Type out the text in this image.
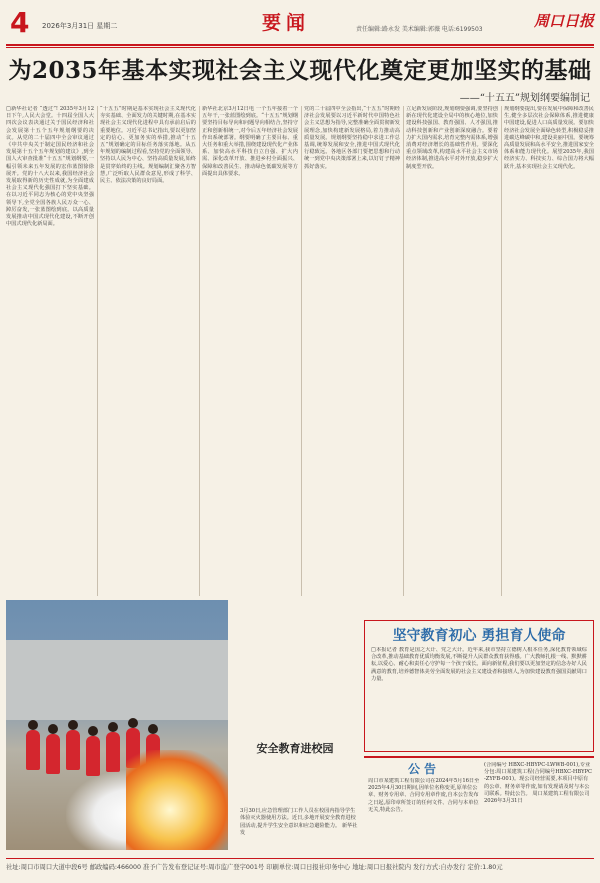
4 2026年3月31日 星期二	要闻	责任编辑:路永发 美术编辑:郭薇 电话:6199503	周口日报
为2035年基本实现社会主义现代化奠定更加坚实的基础
——“十五五”规划纲要编制记
□新华社记者 “透过”! 2035年3月12日下午,人民大会堂。十四届全国人大四次会议表决通过关于国民经济和社会发展第十五个五年规划纲要的决议。从党的二十届四中全会审议通过《中共中央关于制定国民经济和社会发展第十五个五年规划的建议》,到全国人大审查批准“十五五”规划纲要,一幅引领未来五年发展的宏伟蓝图徐徐展开。党的十八大以来,我国经济社会发展取得新的历史性成就,为全面建成社会主义现代化强国打下坚实基础。在以习近平同志为核心的党中央坚强领导下,全党全国各族人民万众一心、踔厉奋发,一张蓝图绘到底。以高质量发展推动中国式现代化建设,不断开创中国式现代化新局面。
“十五五”时期是基本实现社会主义现代化夯实基础、全面发力的关键时期,在基本实现社会主义现代化进程中具有承前启后的重要地位。习近平总书记指出,要以更加坚定的信心、更加务实的举措,推动“十五五”规划确定的目标任务落实落地。从五年规划的编制过程看,坚持党的全面领导、坚持以人民为中心、坚持高质量发展,始终是贯穿始终的主线。规划编制汇聚各方智慧,广泛听取人民群众意见,形成了科学、民主、依法决策的良好局面。
新华社北京3月12日电 一个五年接着一个五年干,一张蓝图绘到底。“十五五”规划纲要坚持目标导向和问题导向相结合,坚持守正和创新相统一,对今后五年经济社会发展作出系统部署。纲要明确了主要目标、重大任务和重大举措,围绕建设现代化产业体系、加快高水平科技自立自强、扩大内需、深化改革开放、推进乡村全面振兴、保障和改善民生、推动绿色低碳发展等方面提出具体要求。
党的二十届四中全会指出,“十五五”时期经济社会发展要以习近平新时代中国特色社会主义思想为指导,完整准确全面贯彻新发展理念,加快构建新发展格局,着力推动高质量发展。规划纲要坚持稳中求进工作总基调,统筹发展和安全,推进中国式现代化行稳致远。各地区各部门要把思想和行动统一到党中央决策部署上来,以钉钉子精神抓好落实。
立足新发展阶段,规划纲要强调,要坚持创新在现代化建设全局中的核心地位,加快建设科技强国、教育强国、人才强国,推动科技创新和产业创新深度融合。要着力扩大国内需求,培育完整内需体系,增强消费对经济增长的基础性作用。要深化重点领域改革,构建高水平社会主义市场经济体制,推进高水平对外开放,稳步扩大制度型开放。
规划纲要提出,要在发展中保障和改善民生,健全多层次社会保障体系,推进健康中国建设,促进人口高质量发展。要加快经济社会发展全面绿色转型,积极稳妥推进碳达峰碳中和,建设美丽中国。要统筹高质量发展和高水平安全,推进国家安全体系和能力现代化。展望2035年,我国经济实力、科技实力、综合国力将大幅跃升,基本实现社会主义现代化。
安全教育进校园
3月30日,应急管理部门工作人员在校园内指导学生体验灭火器使用方法。近日,多地开展安全教育进校园活动,提升学生安全意识和应急避险能力。 新华社发
坚守教育初心 勇担育人使命
□本报记者 教育是国之大计、党之大计。近年来,我市坚持立德树人根本任务,深化教育领域综合改革,推动基础教育优质均衡发展,不断提升人民群众教育获得感。广大教师扎根一线、默默耕耘,以爱心、耐心和责任心守护每一个孩子成长。面向新征程,我们要以更加坚定的信念办好人民满意的教育,培养德智体美劳全面发展的社会主义建设者和接班人,为加快建设教育强国贡献周口力量。
公告
周口市某建筑工程有限公司在2024年5月16日至2025年4月30日期间,因单位名称变更,原单位公章、财务专用章、合同专用章作废,自本公告发布之日起,原印章所签订的任何文件、合同与本单位无关,特此公告。
(合同编号 HBXC-HBYPC-LWWB-001),专业分包:周口某建筑工程(合同编号HBXC-HBYPC-ZYFB-001)。现公司经营需要,本项目中原有的公章、财务章等作废,如有发现请及时与本公司联系。特此公告。 周口某建筑工程有限公司 2026年3月31日
社址:周口市周口大道中段6号 邮政编码:466000 准予广告发布登记证号:周市监广登字001号 印刷单位:周口日报社印务中心 地址:周口日报社院内 发行方式:自办发行 定价:1.80元
